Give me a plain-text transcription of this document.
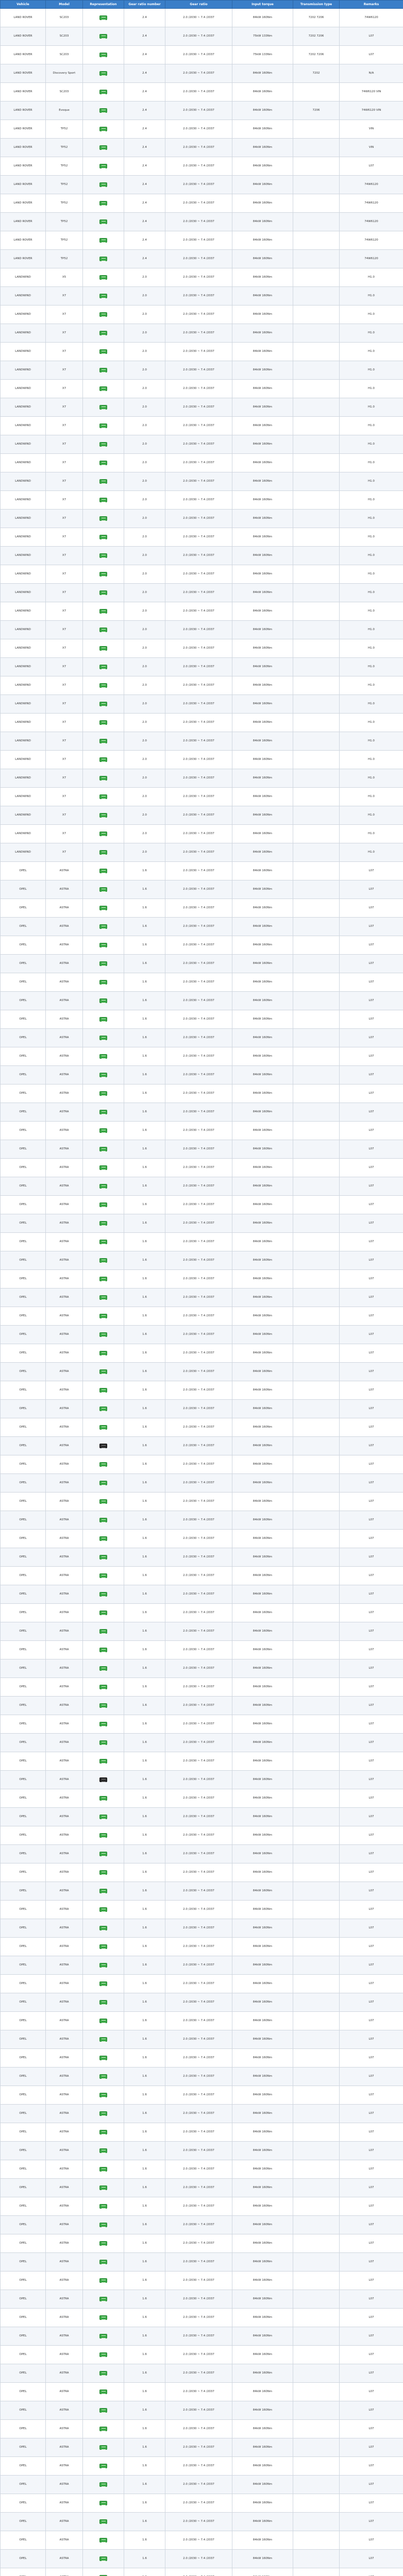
Vehicle	Model	Representation	Gear ratio number	Gear ratio	Input torque	Transmission type	Remarks
LAND ROVER	SC203		2.4	2.0 /2030 ~ 7.4 /2037	84kW 160Nm	7202 7206	74W6120
LAND ROVER	SC203		2.4	2.0 /2030 ~ 7.4 /2037	75kW 133Nm	7202 7206	L07
LAND ROVER	SC203		2.4	2.0 /2030 ~ 7.4 /2037	75kW 133Nm	7202 7206	L07
LAND ROVER	Discovery Sport		2.4	2.0 /2030 ~ 7.4 /2037	84kW 160Nm	7202	N/A
LAND ROVER	SC203		2.4	2.0 /2030 ~ 7.4 /2037	84kW 160Nm		74W6120 VIN
LAND ROVER	Evoque		2.4	2.0 /2030 ~ 7.4 /2037	84kW 160Nm	7206	74W6120 VIN
LAND ROVER	TP52		2.4	2.0 /2030 ~ 7.4 /2037	84kW 160Nm		VIN
LAND ROVER	TP52		2.4	2.0 /2030 ~ 7.4 /2037	84kW 160Nm		VIN
LAND ROVER	TP52		2.4	2.0 /2030 ~ 7.4 /2037	84kW 160Nm		L07
LAND ROVER	TP52		2.4	2.0 /2030 ~ 7.4 /2037	84kW 160Nm		74W6120
LAND ROVER	TP52		2.4	2.0 /2030 ~ 7.4 /2037	84kW 160Nm		74W6120
LAND ROVER	TP52		2.4	2.0 /2030 ~ 7.4 /2037	84kW 160Nm		74W6120
LAND ROVER	TP52		2.4	2.0 /2030 ~ 7.4 /2037	84kW 160Nm		74W6120
LAND ROVER	TP52		2.4	2.0 /2030 ~ 7.4 /2037	84kW 160Nm		74W6120
LANDWIND	X5		2.0	2.0 /2030 ~ 7.4 /2037	84kW 160Nm		H1.0
LANDWIND	X7		2.0	2.0 /2030 ~ 7.4 /2037	84kW 160Nm		H1.0
LANDWIND	X7		2.0	2.0 /2030 ~ 7.4 /2037	84kW 160Nm		H1.0
LANDWIND	X7		2.0	2.0 /2030 ~ 7.4 /2037	84kW 160Nm		H1.0
LANDWIND	X7		2.0	2.0 /2030 ~ 7.4 /2037	84kW 160Nm		H1.0
LANDWIND	X7		2.0	2.0 /2030 ~ 7.4 /2037	84kW 160Nm		H1.0
LANDWIND	X7		2.0	2.0 /2030 ~ 7.4 /2037	84kW 160Nm		H1.0
LANDWIND	X7		2.0	2.0 /2030 ~ 7.4 /2037	84kW 160Nm		H1.0
LANDWIND	X7		2.0	2.0 /2030 ~ 7.4 /2037	84kW 160Nm		H1.0
LANDWIND	X7		2.0	2.0 /2030 ~ 7.4 /2037	84kW 160Nm		H1.0
LANDWIND	X7		2.0	2.0 /2030 ~ 7.4 /2037	84kW 160Nm		H1.0
LANDWIND	X7		2.0	2.0 /2030 ~ 7.4 /2037	84kW 160Nm		H1.0
LANDWIND	X7		2.0	2.0 /2030 ~ 7.4 /2037	84kW 160Nm		H1.0
LANDWIND	X7		2.0	2.0 /2030 ~ 7.4 /2037	84kW 160Nm		H1.0
LANDWIND	X7		2.0	2.0 /2030 ~ 7.4 /2037	84kW 160Nm		H1.0
LANDWIND	X7		2.0	2.0 /2030 ~ 7.4 /2037	84kW 160Nm		H1.0
LANDWIND	X7		2.0	2.0 /2030 ~ 7.4 /2037	84kW 160Nm		H1.0
LANDWIND	X7		2.0	2.0 /2030 ~ 7.4 /2037	84kW 160Nm		H1.0
LANDWIND	X7		2.0	2.0 /2030 ~ 7.4 /2037	84kW 160Nm		H1.0
LANDWIND	X7		2.0	2.0 /2030 ~ 7.4 /2037	84kW 160Nm		H1.0
LANDWIND	X7		2.0	2.0 /2030 ~ 7.4 /2037	84kW 160Nm		H1.0
LANDWIND	X7		2.0	2.0 /2030 ~ 7.4 /2037	84kW 160Nm		H1.0
LANDWIND	X7		2.0	2.0 /2030 ~ 7.4 /2037	84kW 160Nm		H1.0
LANDWIND	X7		2.0	2.0 /2030 ~ 7.4 /2037	84kW 160Nm		H1.0
LANDWIND	X7		2.0	2.0 /2030 ~ 7.4 /2037	84kW 160Nm		H1.0
LANDWIND	X7		2.0	2.0 /2030 ~ 7.4 /2037	84kW 160Nm		H1.0
LANDWIND	X7		2.0	2.0 /2030 ~ 7.4 /2037	84kW 160Nm		H1.0
LANDWIND	X7		2.0	2.0 /2030 ~ 7.4 /2037	84kW 160Nm		H1.0
LANDWIND	X7		2.0	2.0 /2030 ~ 7.4 /2037	84kW 160Nm		H1.0
LANDWIND	X7		2.0	2.0 /2030 ~ 7.4 /2037	84kW 160Nm		H1.0
LANDWIND	X7		2.0	2.0 /2030 ~ 7.4 /2037	84kW 160Nm		H1.0
LANDWIND	X7		2.0	2.0 /2030 ~ 7.4 /2037	84kW 160Nm		H1.0
OPEL	ASTRA		1.6	2.0 /2030 ~ 7.4 /2037	84kW 160Nm		L07
OPEL	ASTRA		1.6	2.0 /2030 ~ 7.4 /2037	84kW 160Nm		L07
OPEL	ASTRA		1.6	2.0 /2030 ~ 7.4 /2037	84kW 160Nm		L07
OPEL	ASTRA		1.6	2.0 /2030 ~ 7.4 /2037	84kW 160Nm		L07
OPEL	ASTRA		1.6	2.0 /2030 ~ 7.4 /2037	84kW 160Nm		L07
OPEL	ASTRA		1.6	2.0 /2030 ~ 7.4 /2037	84kW 160Nm		L07
OPEL	ASTRA		1.6	2.0 /2030 ~ 7.4 /2037	84kW 160Nm		L07
OPEL	ASTRA		1.6	2.0 /2030 ~ 7.4 /2037	84kW 160Nm		L07
OPEL	ASTRA		1.6	2.0 /2030 ~ 7.4 /2037	84kW 160Nm		L07
OPEL	ASTRA		1.6	2.0 /2030 ~ 7.4 /2037	84kW 160Nm		L07
OPEL	ASTRA		1.6	2.0 /2030 ~ 7.4 /2037	84kW 160Nm		L07
OPEL	ASTRA		1.6	2.0 /2030 ~ 7.4 /2037	84kW 160Nm		L07
OPEL	ASTRA		1.6	2.0 /2030 ~ 7.4 /2037	84kW 160Nm		L07
OPEL	ASTRA		1.6	2.0 /2030 ~ 7.4 /2037	84kW 160Nm		L07
OPEL	ASTRA		1.6	2.0 /2030 ~ 7.4 /2037	84kW 160Nm		L07
OPEL	ASTRA		1.6	2.0 /2030 ~ 7.4 /2037	84kW 160Nm		L07
OPEL	ASTRA		1.6	2.0 /2030 ~ 7.4 /2037	84kW 160Nm		L07
OPEL	ASTRA		1.6	2.0 /2030 ~ 7.4 /2037	84kW 160Nm		L07
OPEL	ASTRA		1.6	2.0 /2030 ~ 7.4 /2037	84kW 160Nm		L07
OPEL	ASTRA		1.6	2.0 /2030 ~ 7.4 /2037	84kW 160Nm		L07
OPEL	ASTRA		1.6	2.0 /2030 ~ 7.4 /2037	84kW 160Nm		L07
OPEL	ASTRA		1.6	2.0 /2030 ~ 7.4 /2037	84kW 160Nm		L07
OPEL	ASTRA		1.6	2.0 /2030 ~ 7.4 /2037	84kW 160Nm		L07
OPEL	ASTRA		1.6	2.0 /2030 ~ 7.4 /2037	84kW 160Nm		L07
OPEL	ASTRA		1.6	2.0 /2030 ~ 7.4 /2037	84kW 160Nm		L07
OPEL	ASTRA		1.6	2.0 /2030 ~ 7.4 /2037	84kW 160Nm		L07
OPEL	ASTRA		1.6	2.0 /2030 ~ 7.4 /2037	84kW 160Nm		L07
OPEL	ASTRA		1.6	2.0 /2030 ~ 7.4 /2037	84kW 160Nm		L07
OPEL	ASTRA		1.6	2.0 /2030 ~ 7.4 /2037	84kW 160Nm		L07
OPEL	ASTRA		1.6	2.0 /2030 ~ 7.4 /2037	84kW 160Nm		L07
OPEL	ASTRA		1.6	2.0 /2030 ~ 7.4 /2037	84kW 160Nm		L07
OPEL	ASTRA		1.6	2.0 /2030 ~ 7.4 /2037	84kW 160Nm		L07
OPEL	ASTRA		1.6	2.0 /2030 ~ 7.4 /2037	84kW 160Nm		L07
OPEL	ASTRA		1.6	2.0 /2030 ~ 7.4 /2037	84kW 160Nm		L07
OPEL	ASTRA		1.6	2.0 /2030 ~ 7.4 /2037	84kW 160Nm		L07
OPEL	ASTRA		1.6	2.0 /2030 ~ 7.4 /2037	84kW 160Nm		L07
OPEL	ASTRA		1.6	2.0 /2030 ~ 7.4 /2037	84kW 160Nm		L07
OPEL	ASTRA		1.6	2.0 /2030 ~ 7.4 /2037	84kW 160Nm		L07
OPEL	ASTRA		1.6	2.0 /2030 ~ 7.4 /2037	84kW 160Nm		L07
OPEL	ASTRA		1.6	2.0 /2030 ~ 7.4 /2037	84kW 160Nm		L07
OPEL	ASTRA		1.6	2.0 /2030 ~ 7.4 /2037	84kW 160Nm		L07
OPEL	ASTRA		1.6	2.0 /2030 ~ 7.4 /2037	84kW 160Nm		L07
OPEL	ASTRA		1.6	2.0 /2030 ~ 7.4 /2037	84kW 160Nm		L07
OPEL	ASTRA		1.6	2.0 /2030 ~ 7.4 /2037	84kW 160Nm		L07
OPEL	ASTRA		1.6	2.0 /2030 ~ 7.4 /2037	84kW 160Nm		L07
OPEL	ASTRA		1.6	2.0 /2030 ~ 7.4 /2037	84kW 160Nm		L07
OPEL	ASTRA		1.6	2.0 /2030 ~ 7.4 /2037	84kW 160Nm		L07
OPEL	ASTRA		1.6	2.0 /2030 ~ 7.4 /2037	84kW 160Nm		L07
OPEL	ASTRA		1.6	2.0 /2030 ~ 7.4 /2037	84kW 160Nm		L07
OPEL	ASTRA		1.6	2.0 /2030 ~ 7.4 /2037	84kW 160Nm		L07
OPEL	ASTRA		1.6	2.0 /2030 ~ 7.4 /2037	84kW 160Nm		L07
OPEL	ASTRA		1.6	2.0 /2030 ~ 7.4 /2037	84kW 160Nm		L07
OPEL	ASTRA		1.6	2.0 /2030 ~ 7.4 /2037	84kW 160Nm		L07
OPEL	ASTRA		1.6	2.0 /2030 ~ 7.4 /2037	84kW 160Nm		L07
OPEL	ASTRA		1.6	2.0 /2030 ~ 7.4 /2037	84kW 160Nm		L07
OPEL	ASTRA		1.6	2.0 /2030 ~ 7.4 /2037	84kW 160Nm		L07
OPEL	ASTRA		1.6	2.0 /2030 ~ 7.4 /2037	84kW 160Nm		L07
OPEL	ASTRA		1.6	2.0 /2030 ~ 7.4 /2037	84kW 160Nm		L07
OPEL	ASTRA		1.6	2.0 /2030 ~ 7.4 /2037	84kW 160Nm		L07
OPEL	ASTRA		1.6	2.0 /2030 ~ 7.4 /2037	84kW 160Nm		L07
OPEL	ASTRA		1.6	2.0 /2030 ~ 7.4 /2037	84kW 160Nm		L07
OPEL	ASTRA		1.6	2.0 /2030 ~ 7.4 /2037	84kW 160Nm		L07
OPEL	ASTRA		1.6	2.0 /2030 ~ 7.4 /2037	84kW 160Nm		L07
OPEL	ASTRA		1.6	2.0 /2030 ~ 7.4 /2037	84kW 160Nm		L07
OPEL	ASTRA		1.6	2.0 /2030 ~ 7.4 /2037	84kW 160Nm		L07
OPEL	ASTRA		1.6	2.0 /2030 ~ 7.4 /2037	84kW 160Nm		L07
OPEL	ASTRA		1.6	2.0 /2030 ~ 7.4 /2037	84kW 160Nm		L07
OPEL	ASTRA		1.6	2.0 /2030 ~ 7.4 /2037	84kW 160Nm		L07
OPEL	ASTRA		1.6	2.0 /2030 ~ 7.4 /2037	84kW 160Nm		L07
OPEL	ASTRA		1.6	2.0 /2030 ~ 7.4 /2037	84kW 160Nm		L07
OPEL	ASTRA		1.6	2.0 /2030 ~ 7.4 /2037	84kW 160Nm		L07
OPEL	ASTRA		1.6	2.0 /2030 ~ 7.4 /2037	84kW 160Nm		L07
OPEL	ASTRA		1.6	2.0 /2030 ~ 7.4 /2037	84kW 160Nm		L07
OPEL	ASTRA		1.6	2.0 /2030 ~ 7.4 /2037	84kW 160Nm		L07
OPEL	ASTRA		1.6	2.0 /2030 ~ 7.4 /2037	84kW 160Nm		L07
OPEL	ASTRA		1.6	2.0 /2030 ~ 7.4 /2037	84kW 160Nm		L07
OPEL	ASTRA		1.6	2.0 /2030 ~ 7.4 /2037	84kW 160Nm		L07
OPEL	ASTRA		1.6	2.0 /2030 ~ 7.4 /2037	84kW 160Nm		L07
OPEL	ASTRA		1.6	2.0 /2030 ~ 7.4 /2037	84kW 160Nm		L07
OPEL	ASTRA		1.6	2.0 /2030 ~ 7.4 /2037	84kW 160Nm		L07
OPEL	ASTRA		1.6	2.0 /2030 ~ 7.4 /2037	84kW 160Nm		L07
OPEL	ASTRA		1.6	2.0 /2030 ~ 7.4 /2037	84kW 160Nm		L07
OPEL	ASTRA		1.6	2.0 /2030 ~ 7.4 /2037	84kW 160Nm		L07
OPEL	ASTRA		1.6	2.0 /2030 ~ 7.4 /2037	84kW 160Nm		L07
OPEL	ASTRA		1.6	2.0 /2030 ~ 7.4 /2037	84kW 160Nm		L07
OPEL	ASTRA		1.6	2.0 /2030 ~ 7.4 /2037	84kW 160Nm		L07
OPEL	ASTRA		1.6	2.0 /2030 ~ 7.4 /2037	84kW 160Nm		L07
OPEL	ASTRA		1.6	2.0 /2030 ~ 7.4 /2037	84kW 160Nm		L07
OPEL	ASTRA		1.6	2.0 /2030 ~ 7.4 /2037	84kW 160Nm		L07
OPEL	ASTRA		1.6	2.0 /2030 ~ 7.4 /2037	84kW 160Nm		L07
OPEL	ASTRA		1.6	2.0 /2030 ~ 7.4 /2037	84kW 160Nm		L07
OPEL	ASTRA		1.6	2.0 /2030 ~ 7.4 /2037	84kW 160Nm		L07
